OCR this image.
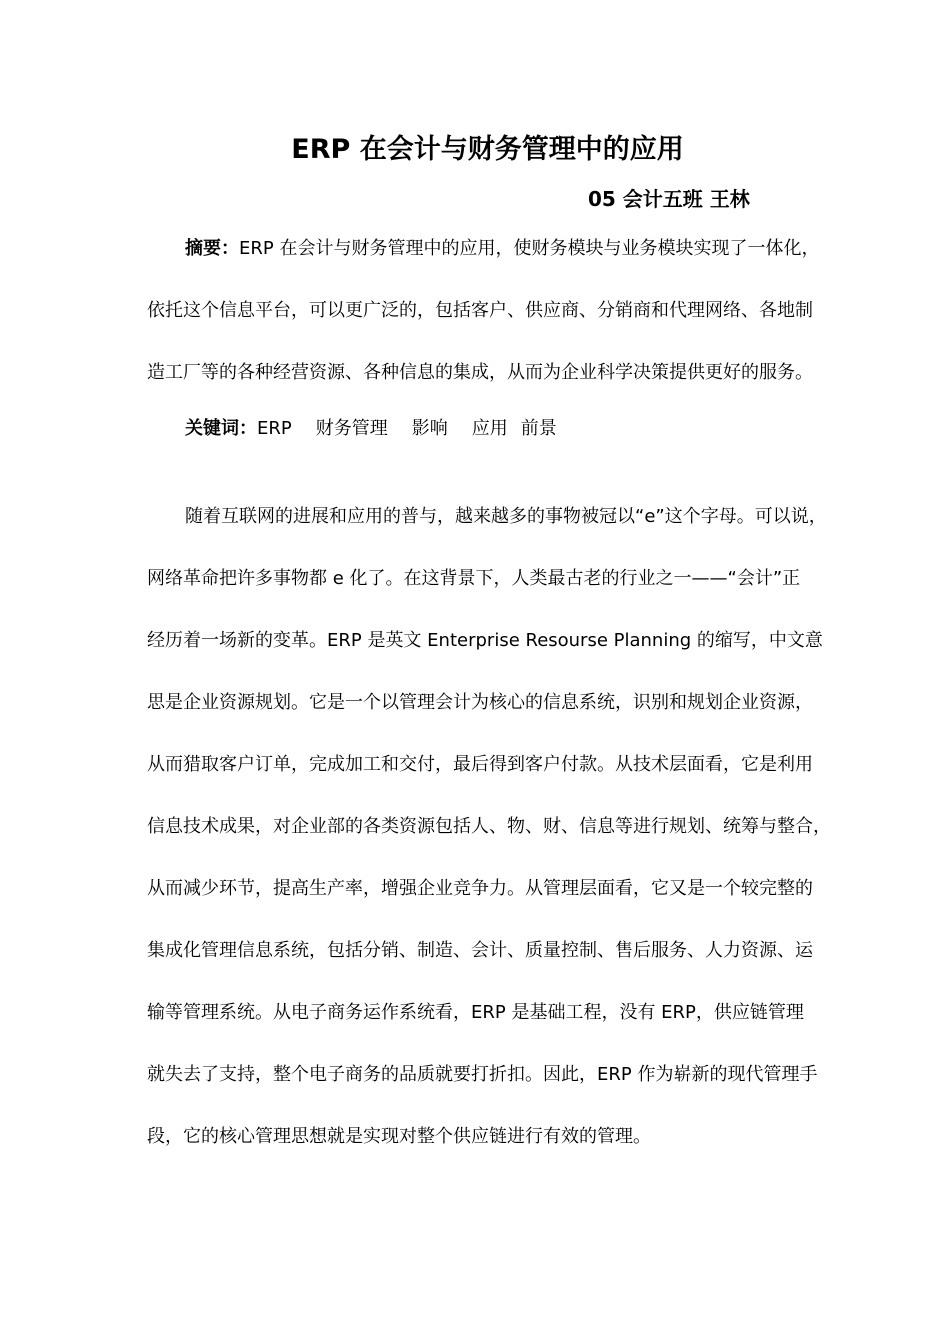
ERP 在会计与财务管理中的应用
05 会计五班 王林
摘要：ERP 在会计与财务管理中的应用，使财务模块与业务模块实现了一体化，
依托这个信息平台，可以更广泛的，包括客户、供应商、分销商和代理网络、各地制
造工厂等的各种经营资源、各种信息的集成，从而为企业科学决策提供更好的服务。
关键词：ERP 财务管理 影响 应用 前景
随着互联网的进展和应用的普与，越来越多的事物被冠以“e”这个字母。可以说，
网络革命把许多事物都 e 化了。在这背景下，人类最古老的行业之一——“会计”正
经历着一场新的变革。ERP 是英文 Enterprise Resourse Planning 的缩写，中文意
思是企业资源规划。它是一个以管理会计为核心的信息系统，识别和规划企业资源，
从而猎取客户订单，完成加工和交付，最后得到客户付款。从技术层面看，它是利用
信息技术成果，对企业部的各类资源包括人、物、财、信息等进行规划、统筹与整合，
从而减少环节，提高生产率，增强企业竞争力。从管理层面看，它又是一个较完整的
集成化管理信息系统，包括分销、制造、会计、质量控制、售后服务、人力资源、运
输等管理系统。从电子商务运作系统看，ERP 是基础工程，没有 ERP，供应链管理
就失去了支持，整个电子商务的品质就要打折扣。因此，ERP 作为崭新的现代管理手
段，它的核心管理思想就是实现对整个供应链进行有效的管理。
